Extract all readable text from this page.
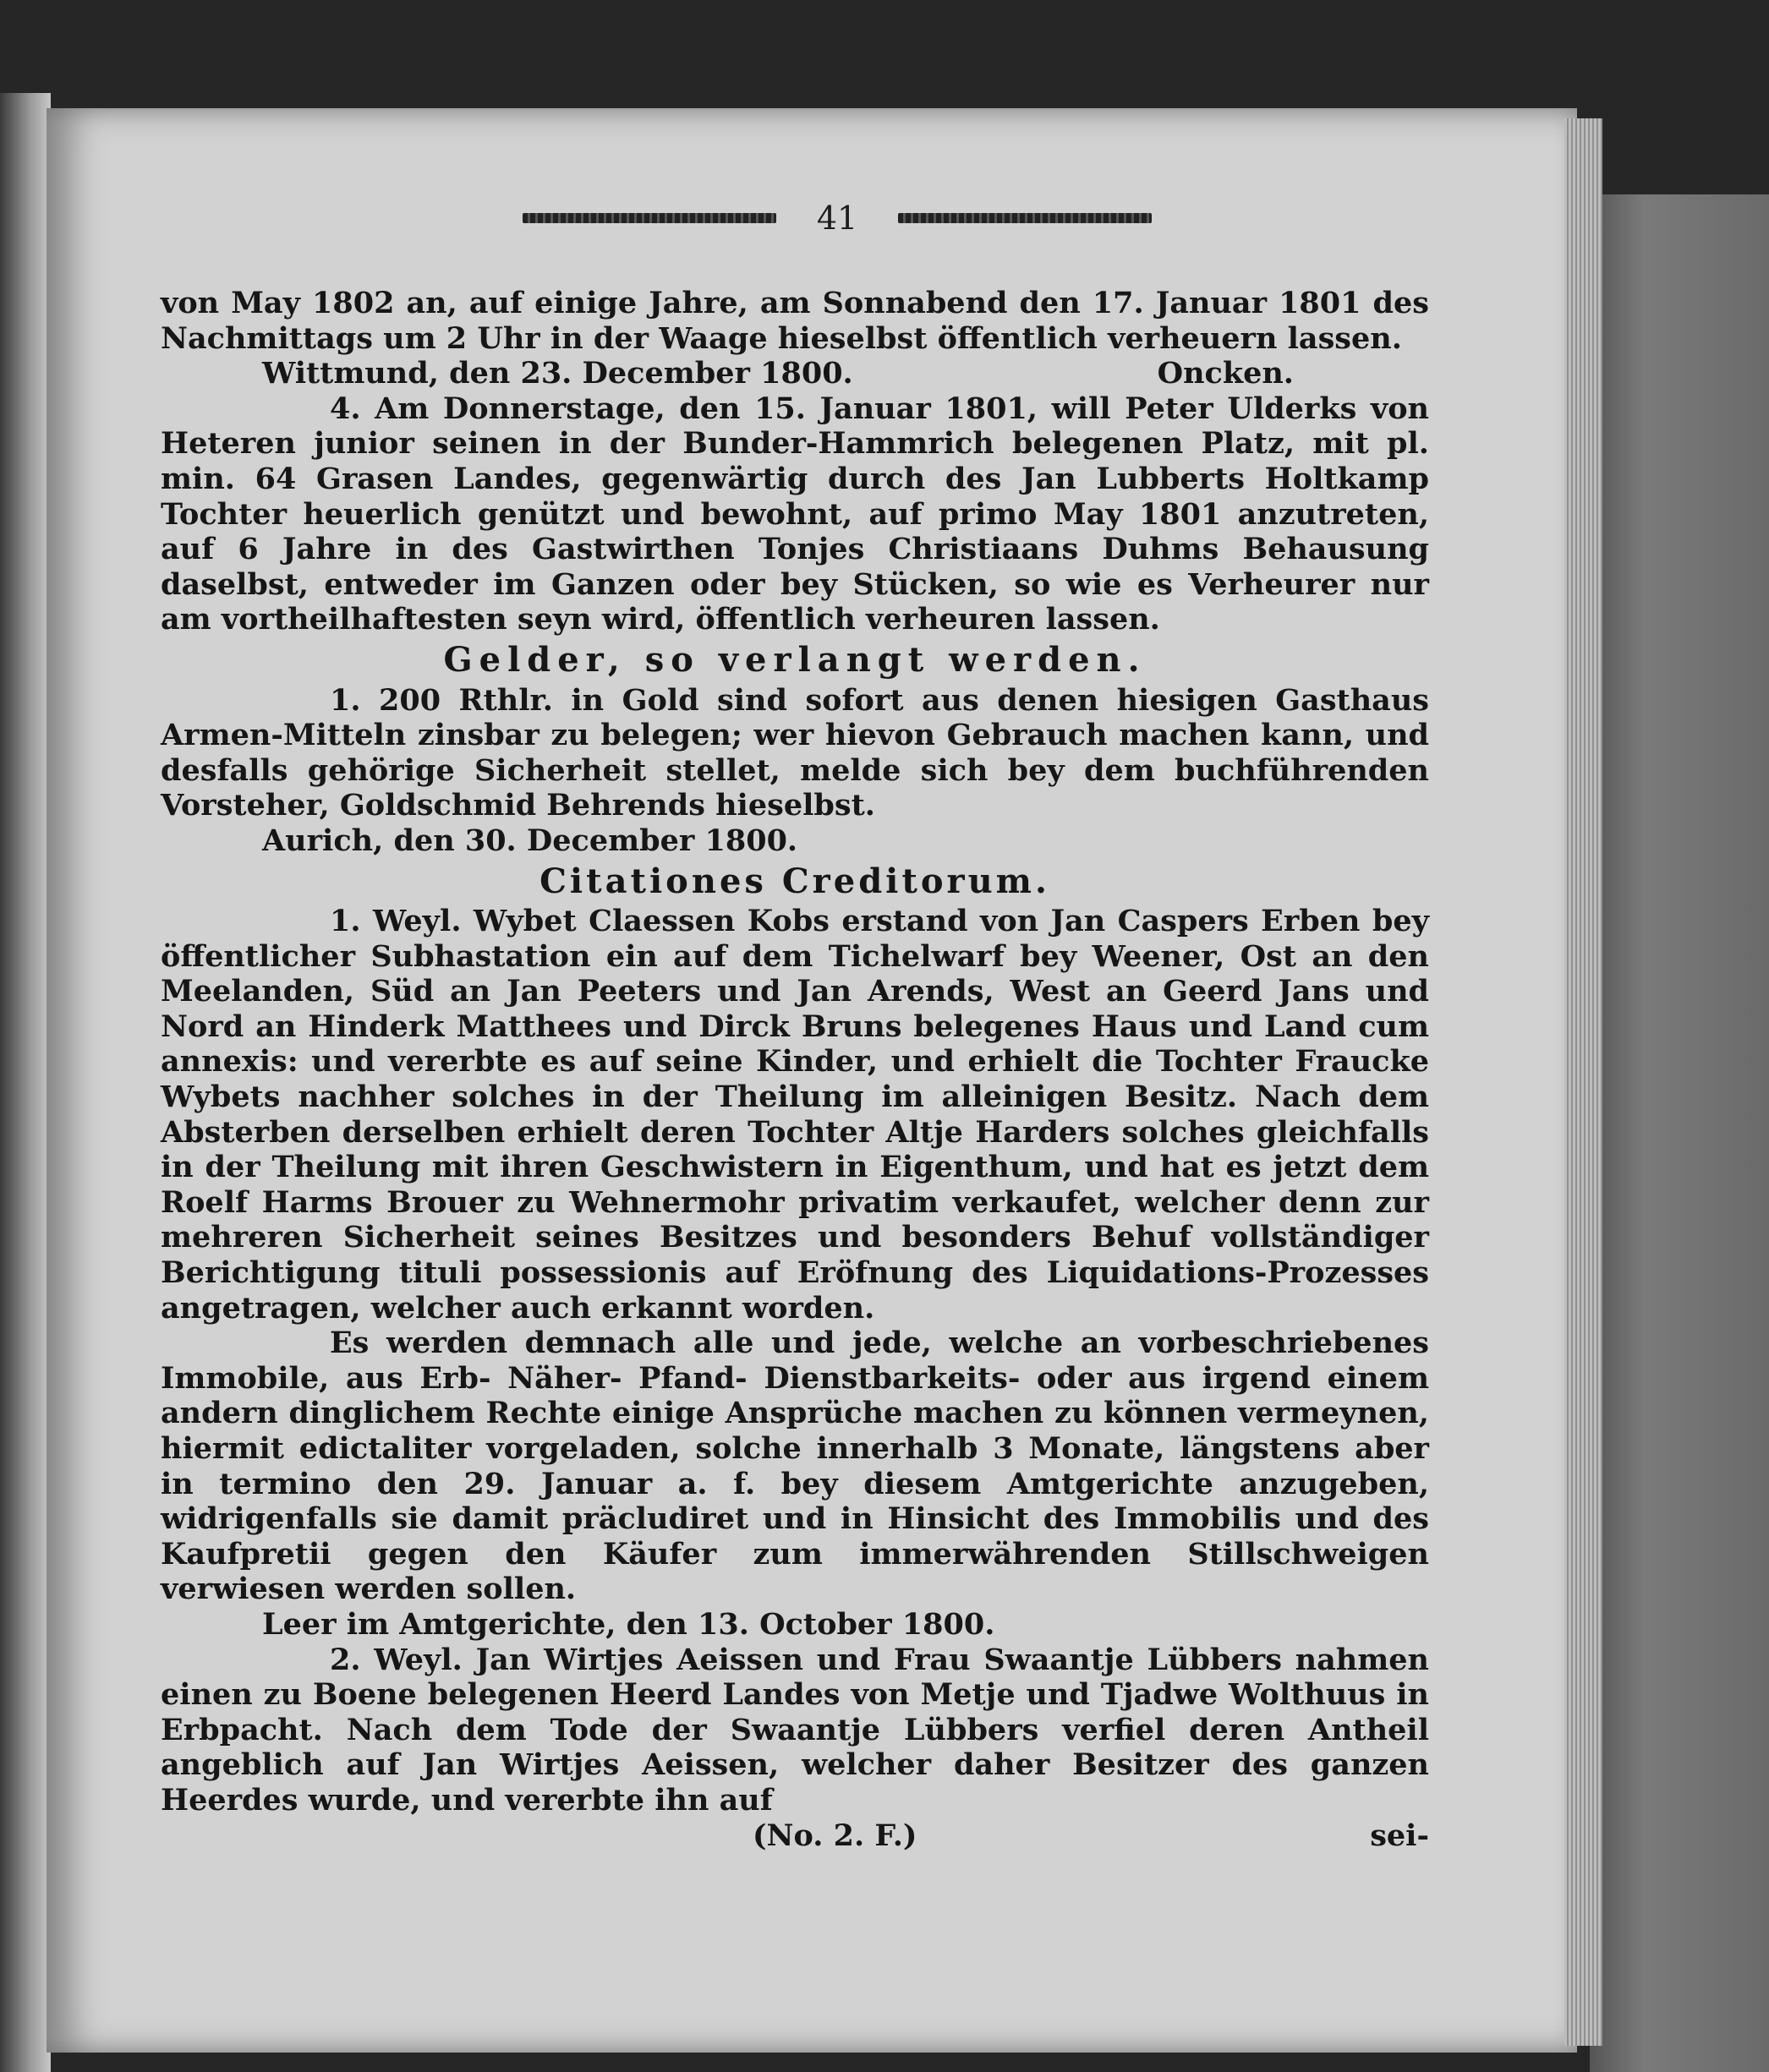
41

von May 1802 an, auf einige Jahre, am Sonnabend den 17. Januar 1801 des Nachmittags um 2 Uhr in der Waage hieselbst öffentlich verheuern lassen.

Wittmund, den 23. December 1800.	Oncken.

4. Am Donnerstage, den 15. Januar 1801, will Peter Ulderks von Heteren junior seinen in der Bunder-Hammrich belegenen Platz, mit pl. min. 64 Grasen Landes, gegenwärtig durch des Jan Lubberts Holtkamp Tochter heuerlich genützt und bewohnt, auf primo May 1801 anzutreten, auf 6 Jahre in des Gastwirthen Tonjes Christiaans Duhms Behausung daselbst, entweder im Ganzen oder bey Stücken, so wie es Verheurer nur am vortheilhaftesten seyn wird, öffentlich verheuren lassen.

Gelder, so verlangt werden.

1. 200 Rthlr. in Gold sind sofort aus denen hiesigen Gasthaus Armen-Mitteln zinsbar zu belegen; wer hievon Gebrauch machen kann, und desfalls gehörige Sicherheit stellet, melde sich bey dem buchführenden Vorsteher, Goldschmid Behrends hieselbst.

Aurich, den 30. December 1800.

Citationes Creditorum.

1. Weyl. Wybet Claessen Kobs erstand von Jan Caspers Erben bey öffentlicher Subhastation ein auf dem Tichelwarf bey Weener, Ost an den Meelanden, Süd an Jan Peeters und Jan Arends, West an Geerd Jans und Nord an Hinderk Matthees und Dirck Bruns belegenes Haus und Land cum annexis: und vererbte es auf seine Kinder, und erhielt die Tochter Fraucke Wybets nachher solches in der Theilung im alleinigen Besitz. Nach dem Absterben derselben erhielt deren Tochter Altje Harders solches gleichfalls in der Theilung mit ihren Geschwistern in Eigenthum, und hat es jetzt dem Roelf Harms Brouer zu Wehnermohr privatim verkaufet, welcher denn zur mehreren Sicherheit seines Besitzes und besonders Behuf vollständiger Berichtigung tituli possessionis auf Eröfnung des Liquidations-Prozesses angetragen, welcher auch erkannt worden.

Es werden demnach alle und jede, welche an vorbeschriebenes Immobile, aus Erb- Näher- Pfand- Dienstbarkeits- oder aus irgend einem andern dinglichem Rechte einige Ansprüche machen zu können vermeynen, hiermit edictaliter vorgeladen, solche innerhalb 3 Monate, längstens aber in termino den 29. Januar a. f. bey diesem Amtgerichte anzugeben, widrigenfalls sie damit präcludiret und in Hinsicht des Immobilis und des Kaufpretii gegen den Käufer zum immerwährenden Stillschweigen verwiesen werden sollen.

Leer im Amtgerichte, den 13. October 1800.

2. Weyl. Jan Wirtjes Aeissen und Frau Swaantje Lübbers nahmen einen zu Boene belegenen Heerd Landes von Metje und Tjadwe Wolthuus in Erbpacht. Nach dem Tode der Swaantje Lübbers verfiel deren Antheil angeblich auf Jan Wirtjes Aeissen, welcher daher Besitzer des ganzen Heerdes wurde, und vererbte ihn auf

(No. 2. F.)	sei-
